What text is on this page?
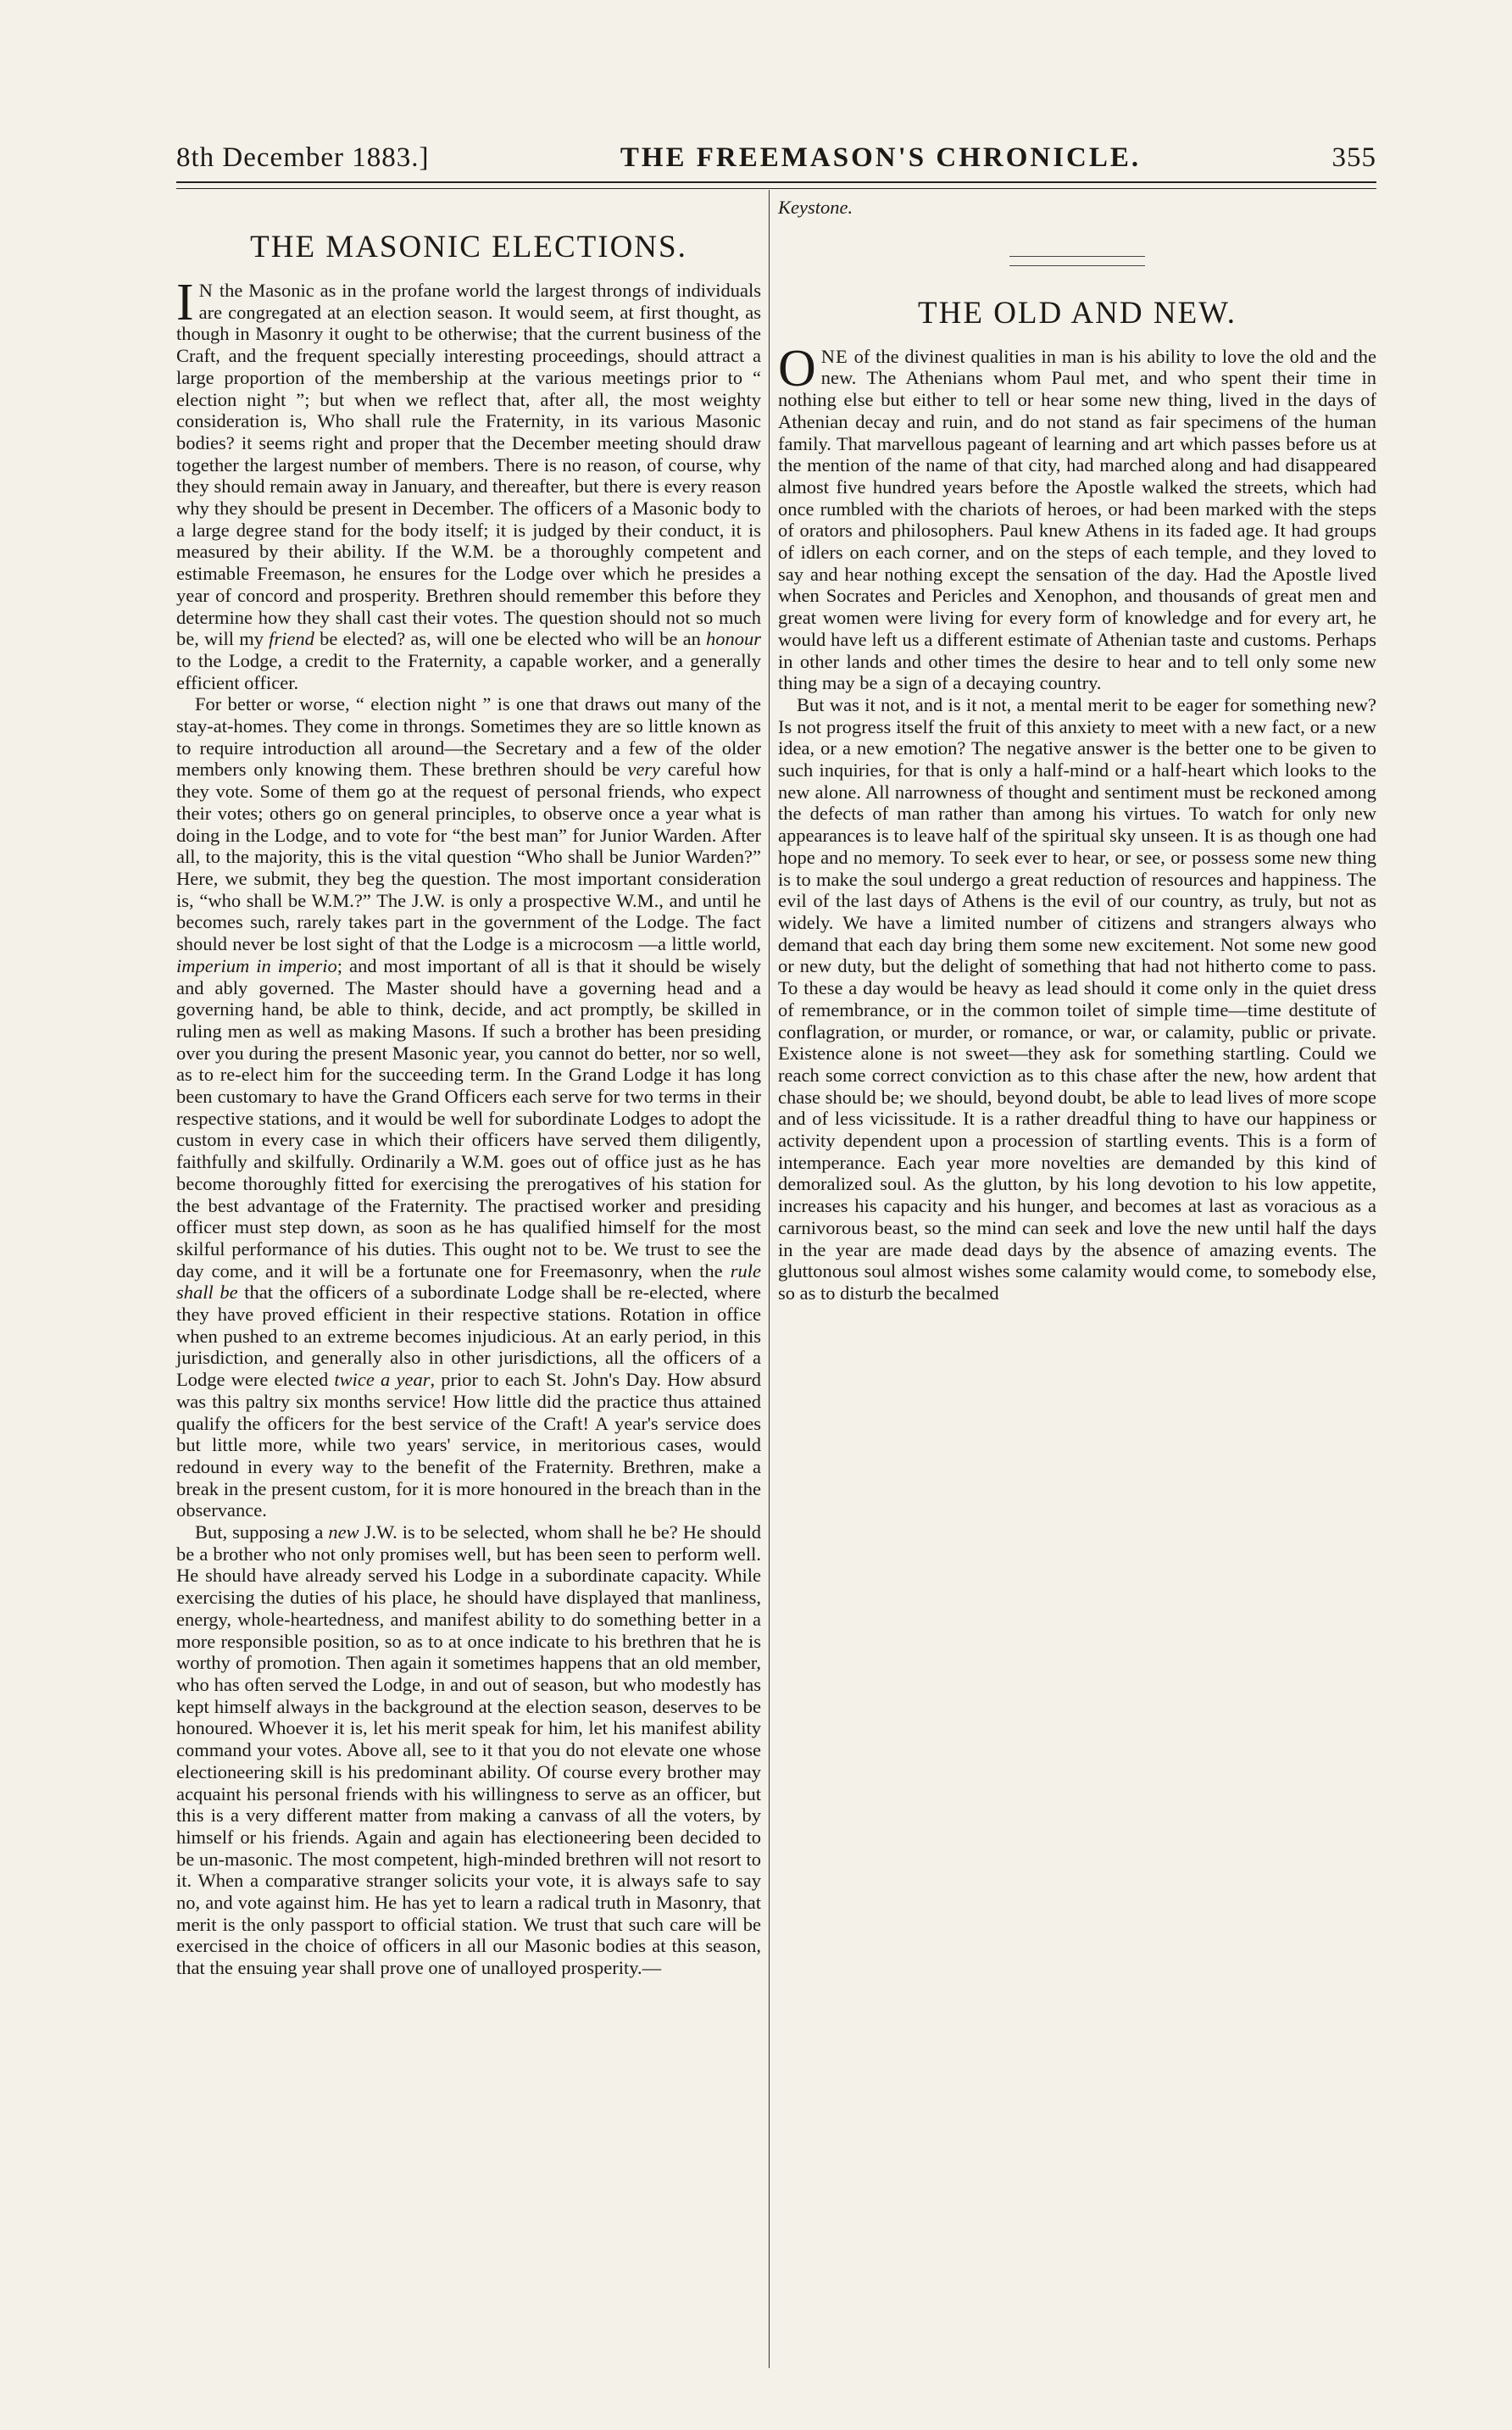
8th December 1883.]	THE FREEMASON'S CHRONICLE.	355
THE MASONIC ELECTIONS.

I N the Masonic as in the profane world the largest throngs of individuals are congregated at an election season. It would seem, at first thought, as though in Masonry it ought to be otherwise; that the current business of the Craft, and the frequent specially interesting proceedings, should attract a large proportion of the membership at the various meetings prior to “ election night ”; but when we reflect that, after all, the most weighty consideration is, Who shall rule the Fraternity, in its various Masonic bodies? it seems right and proper that the December meeting should draw together the largest number of members. There is no reason, of course, why they should remain away in January, and thereafter, but there is every reason why they should be present in December. The officers of a Masonic body to a large degree stand for the body itself; it is judged by their conduct, it is measured by their ability. If the W.M. be a thoroughly competent and estimable Freemason, he ensures for the Lodge over which he presides a year of concord and prosperity. Brethren should remember this before they determine how they shall cast their votes. The question should not so much be, will my friend be elected? as, will one be elected who will be an honour to the Lodge, a credit to the Fraternity, a capable worker, and a generally efficient officer.

For better or worse, “ election night ” is one that draws out many of the stay-at-homes. They come in throngs. Sometimes they are so little known as to require introduction all around—the Secretary and a few of the older members only knowing them. These brethren should be very careful how they vote. Some of them go at the request of personal friends, who expect their votes; others go on general principles, to observe once a year what is doing in the Lodge, and to vote for “the best man” for Junior Warden. After all, to the majority, this is the vital question “Who shall be Junior Warden?” Here, we submit, they beg the question. The most important consideration is, “who shall be W.M.?” The J.W. is only a prospective W.M., and until he becomes such, rarely takes part in the government of the Lodge. The fact should never be lost sight of that the Lodge is a microcosm —a little world, imperium in imperio; and most important of all is that it should be wisely and ably governed. The Master should have a governing head and a governing hand, be able to think, decide, and act promptly, be skilled in ruling men as well as making Masons. If such a brother has been presiding over you during the present Masonic year, you cannot do better, nor so well, as to re-elect him for the succeeding term. In the Grand Lodge it has long been customary to have the Grand Officers each serve for two terms in their respective stations, and it would be well for subordinate Lodges to adopt the custom in every case in which their officers have served them diligently, faithfully and skilfully. Ordinarily a W.M. goes out of office just as he has become thoroughly fitted for exercising the prerogatives of his station for the best advantage of the Fraternity. The practised worker and presiding officer must step down, as soon as he has qualified himself for the most skilful performance of his duties. This ought not to be. We trust to see the day come, and it will be a fortunate one for Freemasonry, when the rule shall be that the officers of a subordinate Lodge shall be re-elected, where they have proved efficient in their respective stations. Rotation in office when pushed to an extreme becomes injudicious. At an early period, in this jurisdiction, and generally also in other jurisdictions, all the officers of a Lodge were elected twice a year, prior to each St. John's Day. How absurd was this paltry six months service! How little did the practice thus attained qualify the officers for the best service of the Craft! A year's service does but little more, while two years' service, in meritorious cases, would redound in every way to the benefit of the Fraternity. Brethren, make a break in the present custom, for it is more honoured in the breach than in the observance.

But, supposing a new J.W. is to be selected, whom shall he be? He should be a brother who not only promises well, but has been seen to perform well. He should have already served his Lodge in a subordinate capacity. While exercising the duties of his place, he should have displayed that manliness, energy, whole-heartedness, and manifest ability to do something better in a more responsible position, so as to at once indicate to his brethren that he is worthy of promotion. Then again it sometimes happens that an old member, who has often served the Lodge, in and out of season, but who modestly has kept himself always in the background at the election season, deserves to be honoured. Whoever it is, let his merit speak for him, let his manifest ability command your votes. Above all, see to it that you do not elevate one whose electioneering skill is his predominant ability. Of course every brother may acquaint his personal friends with his willingness to serve as an officer, but this is a very different matter from making a canvass of all the voters, by himself or his friends. Again and again has electioneering been decided to be un-masonic. The most competent, high-minded brethren will not resort to it. When a comparative stranger solicits your vote, it is always safe to say no, and vote against him. He has yet to learn a radical truth in Masonry, that merit is the only passport to official station. We trust that such care will be exercised in the choice of officers in all our Masonic bodies at this season, that the ensuing year shall prove one of unalloyed prosperity.—

Keystone.
THE OLD AND NEW.

ONE of the divinest qualities in man is his ability to love the old and the new. The Athenians whom Paul met, and who spent their time in nothing else but either to tell or hear some new thing, lived in the days of Athenian decay and ruin, and do not stand as fair specimens of the human family. That marvellous pageant of learning and art which passes before us at the mention of the name of that city, had marched along and had disappeared almost five hundred years before the Apostle walked the streets, which had once rumbled with the chariots of heroes, or had been marked with the steps of orators and philosophers. Paul knew Athens in its faded age. It had groups of idlers on each corner, and on the steps of each temple, and they loved to say and hear nothing except the sensation of the day. Had the Apostle lived when Socrates and Pericles and Xenophon, and thousands of great men and great women were living for every form of knowledge and for every art, he would have left us a different estimate of Athenian taste and customs. Perhaps in other lands and other times the desire to hear and to tell only some new thing may be a sign of a decaying country.

But was it not, and is it not, a mental merit to be eager for something new? Is not progress itself the fruit of this anxiety to meet with a new fact, or a new idea, or a new emotion? The negative answer is the better one to be given to such inquiries, for that is only a half-mind or a half-heart which looks to the new alone. All narrowness of thought and sentiment must be reckoned among the defects of man rather than among his virtues. To watch for only new appearances is to leave half of the spiritual sky unseen. It is as though one had hope and no memory. To seek ever to hear, or see, or possess some new thing is to make the soul undergo a great reduction of resources and happiness. The evil of the last days of Athens is the evil of our country, as truly, but not as widely. We have a limited number of citizens and strangers always who demand that each day bring them some new excitement. Not some new good or new duty, but the delight of something that had not hitherto come to pass. To these a day would be heavy as lead should it come only in the quiet dress of remembrance, or in the common toilet of simple time—time destitute of conflagration, or murder, or romance, or war, or calamity, public or private. Existence alone is not sweet—they ask for something startling. Could we reach some correct conviction as to this chase after the new, how ardent that chase should be; we should, beyond doubt, be able to lead lives of more scope and of less vicissitude. It is a rather dreadful thing to have our happiness or activity dependent upon a procession of startling events. This is a form of intemperance. Each year more novelties are demanded by this kind of demoralized soul. As the glutton, by his long devotion to his low appetite, increases his capacity and his hunger, and becomes at last as voracious as a carnivorous beast, so the mind can seek and love the new until half the days in the year are made dead days by the absence of amazing events. The gluttonous soul almost wishes some calamity would come, to somebody else, so as to disturb the becalmed
